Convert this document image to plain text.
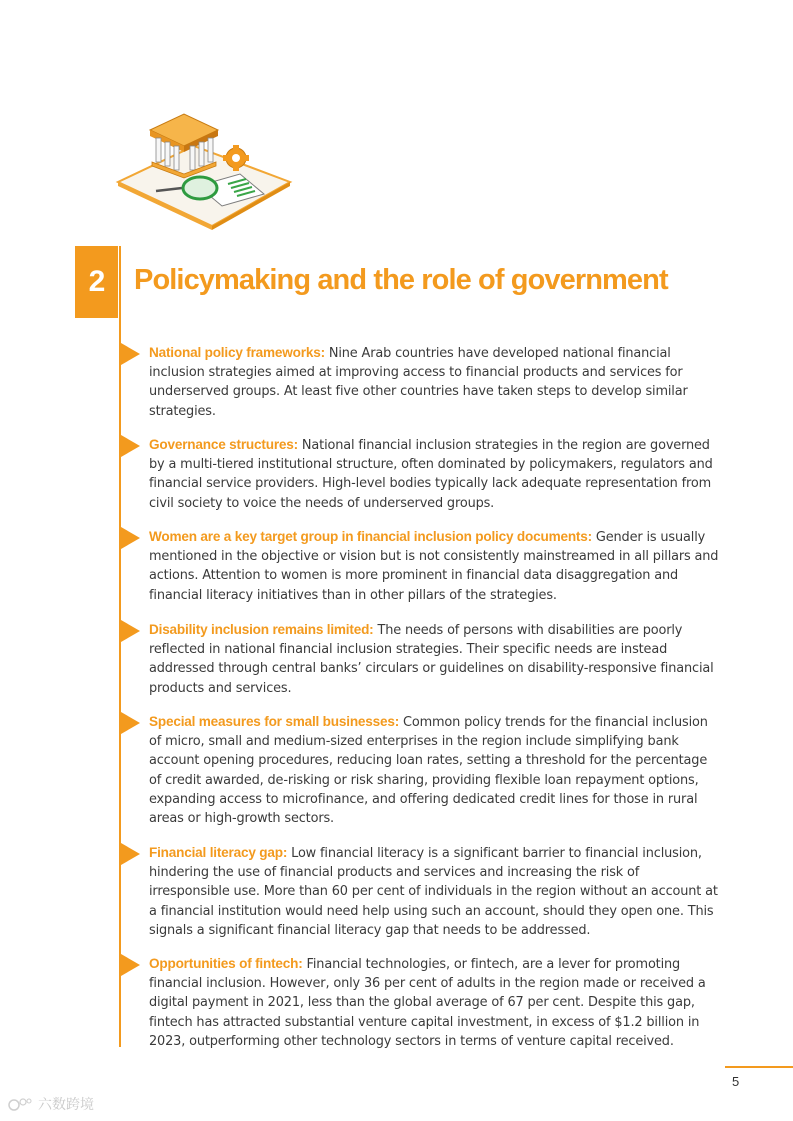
2	Policymaking and the role of government

National policy frameworks: Nine Arab countries have developed national financial inclusion strategies aimed at improving access to financial products and services for underserved groups. At least five other countries have taken steps to develop similar strategies.

Governance structures: National financial inclusion strategies in the region are governed by a multi-tiered institutional structure, often dominated by policymakers, regulators and financial service providers. High-level bodies typically lack adequate representation from civil society to voice the needs of underserved groups.

Women are a key target group in financial inclusion policy documents: Gender is usually mentioned in the objective or vision but is not consistently mainstreamed in all pillars and actions. Attention to women is more prominent in financial data disaggregation and financial literacy initiatives than in other pillars of the strategies.

Disability inclusion remains limited: The needs of persons with disabilities are poorly reflected in national financial inclusion strategies. Their specific needs are instead addressed through central banks’ circulars or guidelines on disability-responsive financial products and services.

Special measures for small businesses: Common policy trends for the financial inclusion of micro, small and medium-sized enterprises in the region include simplifying bank account opening procedures, reducing loan rates, setting a threshold for the percentage of credit awarded, de-risking or risk sharing, providing flexible loan repayment options, expanding access to microfinance, and offering dedicated credit lines for those in rural areas or high-growth sectors.

Financial literacy gap: Low financial literacy is a significant barrier to financial inclusion, hindering the use of financial products and services and increasing the risk of irresponsible use. More than 60 per cent of individuals in the region without an account at a financial institution would need help using such an account, should they open one. This signals a significant financial literacy gap that needs to be addressed.

Opportunities of fintech: Financial technologies, or fintech, are a lever for promoting financial inclusion. However, only 36 per cent of adults in the region made or received a digital payment in 2021, less than the global average of 67 per cent. Despite this gap, fintech has attracted substantial venture capital investment, in excess of $1.2 billion in 2023, outperforming other technology sectors in terms of venture capital received.

5
六数跨境
